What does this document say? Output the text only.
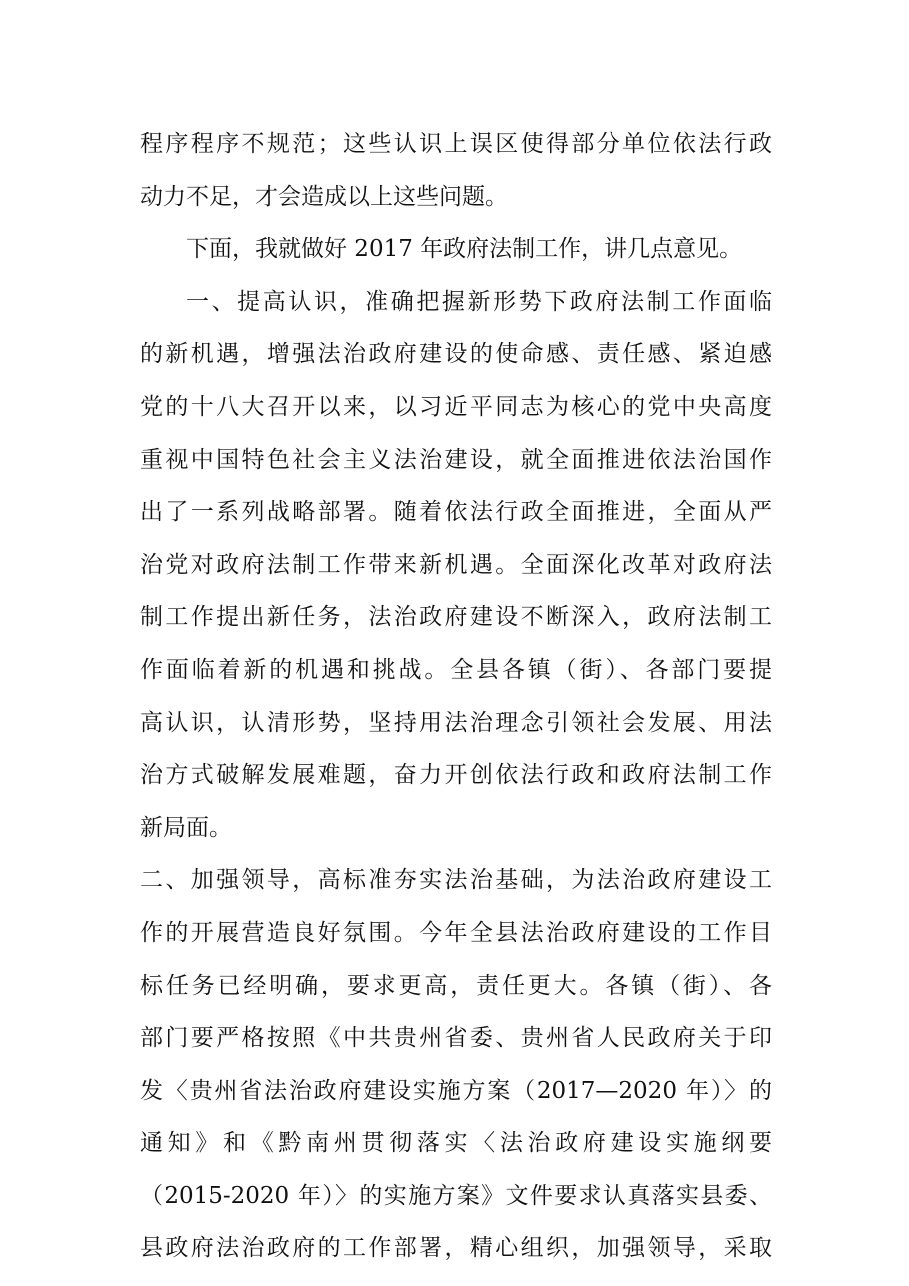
程序程序不规范；这些认识上误区使得部分单位依法行政
动力不足，才会造成以上这些问题。
下面，我就做好 2017 年政府法制工作，讲几点意见。
一、提高认识，准确把握新形势下政府法制工作面临
的新机遇，增强法治政府建设的使命感、责任感、紧迫感
党的十八大召开以来，以习近平同志为核心的党中央高度
重视中国特色社会主义法治建设，就全面推进依法治国作
出了一系列战略部署。随着依法行政全面推进，全面从严
治党对政府法制工作带来新机遇。全面深化改革对政府法
制工作提出新任务，法治政府建设不断深入，政府法制工
作面临着新的机遇和挑战。全县各镇（街）、各部门要提
高认识，认清形势，坚持用法治理念引领社会发展、用法
治方式破解发展难题，奋力开创依法行政和政府法制工作
新局面。
二、加强领导，高标准夯实法治基础，为法治政府建设工
作的开展营造良好氛围。今年全县法治政府建设的工作目
标任务已经明确，要求更高，责任更大。各镇（街）、各
部门要严格按照《中共贵州省委、贵州省人民政府关于印
发〈贵州省法治政府建设实施方案（2017—2020 年）〉的
通知》和《黔南州贯彻落实〈法治政府建设实施纲要
（2015-2020 年）〉的实施方案》文件要求认真落实县委、
县政府法治政府的工作部署，精心组织，加强领导，采取
